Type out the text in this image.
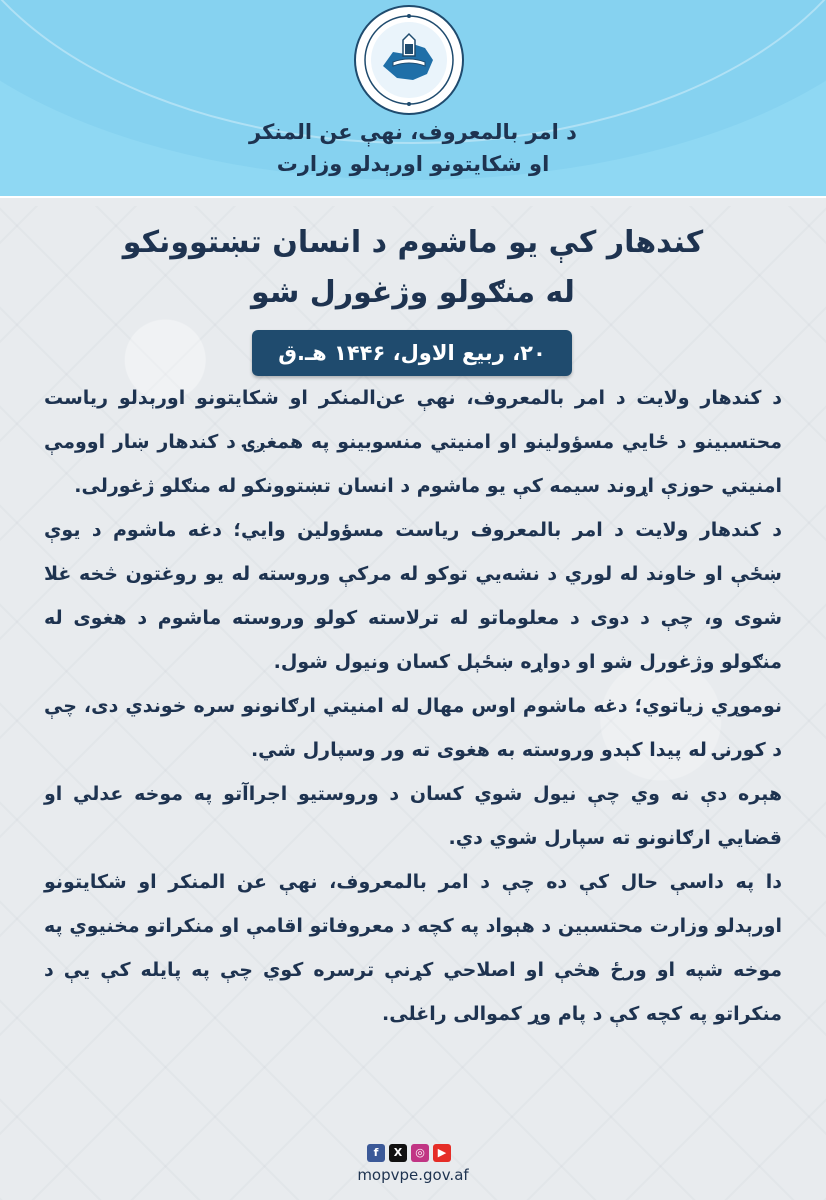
د امر بالمعروف، نهې عن المنكر
او شكايتونو اورېدلو وزارت
کندهار کې یو ماشوم د انسان تښتوونکو
له منګولو وژغورل شو
۲۰، ربیع الاول، ۱۴۴۶ هـ.ق

د کندهار ولایت د امر بالمعروف، نهې عن‌المنکر او شکایتونو اورېدلو ریاست محتسبینو د ځایي مسؤولینو او امنیتي منسوبینو په همغږۍ د کندهار ښار اوومې امنیتي حوزې اړوند سیمه کې یو ماشوم د انسان تښتوونکو له منګلو ژغورلی.

د کندهار ولایت د امر بالمعروف ریاست مسؤولین وایي؛ دغه ماشوم د یوې ښځې او خاوند له لوري د نشه‌یي توکو له مرکې وروسته له یو روغتون څخه غلا شوی و، چې د دوی د معلوماتو له ترلاسته کولو وروسته ماشوم د هغوی له منګولو وژغورل شو او دواړه ښځېل کسان ونیول شول.

نوموړي زیاتوي؛ دغه ماشوم اوس مهال له امنیتي ارګانونو سره خوندي دی، چې د کورنۍ له پیدا کېدو وروسته به هغوی ته ور وسپارل شي.

هېره دې نه وي چې نیول شوي کسان د وروستیو اجراآتو په موخه عدلي او قضایي ارګانونو ته سپارل شوي دي.

دا په داسې حال کې ده چې د امر بالمعروف، نهې عن المنکر او شکایتونو اورېدلو وزارت محتسبین د هېواد په کچه د معروفاتو اقامې او منکراتو مخنیوي په موخه شپه او ورځ هڅې او اصلاحي کړنې ترسره کوي چې په پایله کې یې د منکراتو په کچه کې د پام وړ کموالی راغلی.

f	X	◎	▶
mopvpe.gov.af
